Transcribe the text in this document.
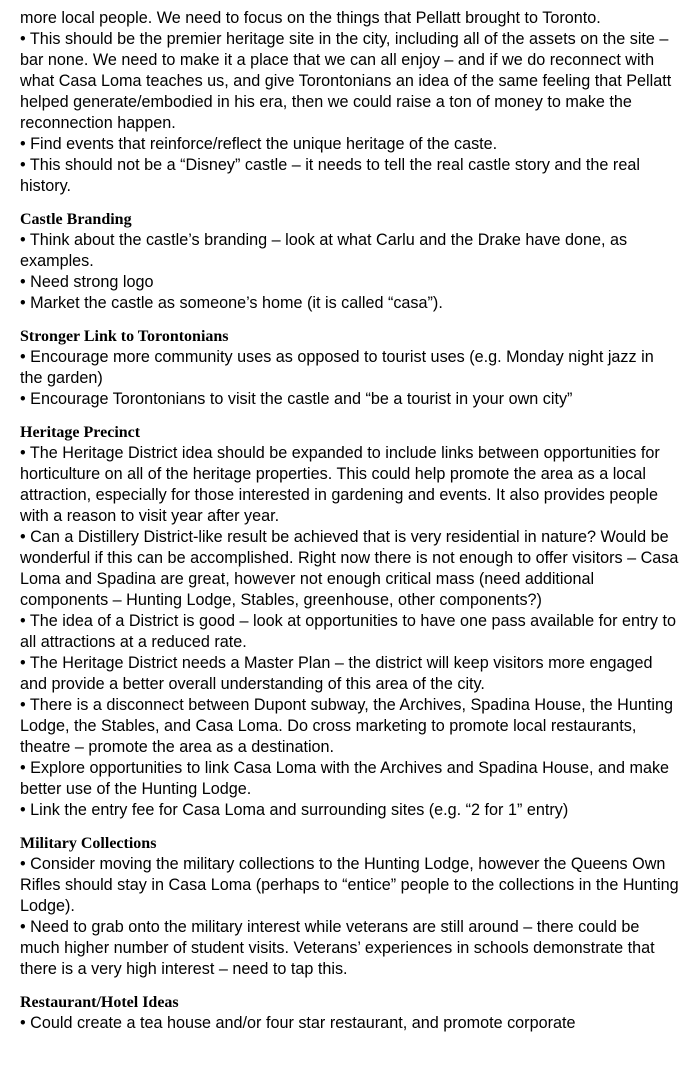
more local people. We need to focus on the things that Pellatt brought to Toronto.

• This should be the premier heritage site in the city, including all of the assets on the site – bar none. We need to make it a place that we can all enjoy – and if we do reconnect with what Casa Loma teaches us, and give Torontonians an idea of the same feeling that Pellatt helped generate/embodied in his era, then we could raise a ton of money to make the reconnection happen.

• Find events that reinforce/reflect the unique heritage of the caste.

• This should not be a “Disney” castle – it needs to tell the real castle story and the real history.

Castle Branding

• Think about the castle’s branding – look at what Carlu and the Drake have done, as examples.

• Need strong logo

• Market the castle as someone’s home (it is called “casa”).

Stronger Link to Torontonians

• Encourage more community uses as opposed to tourist uses (e.g. Monday night jazz in the garden)

• Encourage Torontonians to visit the castle and “be a tourist in your own city”

Heritage Precinct

• The Heritage District idea should be expanded to include links between opportunities for horticulture on all of the heritage properties. This could help promote the area as a local attraction, especially for those interested in gardening and events. It also provides people with a reason to visit year after year.

• Can a Distillery District-like result be achieved that is very residential in nature? Would be wonderful if this can be accomplished. Right now there is not enough to offer visitors – Casa Loma and Spadina are great, however not enough critical mass (need additional components – Hunting Lodge, Stables, greenhouse, other components?)

• The idea of a District is good – look at opportunities to have one pass available for entry to all attractions at a reduced rate.

• The Heritage District needs a Master Plan – the district will keep visitors more engaged and provide a better overall understanding of this area of the city.

• There is a disconnect between Dupont subway, the Archives, Spadina House, the Hunting Lodge, the Stables, and Casa Loma. Do cross marketing to promote local restaurants, theatre – promote the area as a destination.

• Explore opportunities to link Casa Loma with the Archives and Spadina House, and make better use of the Hunting Lodge.

• Link the entry fee for Casa Loma and surrounding sites (e.g. “2 for 1” entry)

Military Collections

• Consider moving the military collections to the Hunting Lodge, however the Queens Own Rifles should stay in Casa Loma (perhaps to “entice” people to the collections in the Hunting Lodge).

• Need to grab onto the military interest while veterans are still around – there could be much higher number of student visits. Veterans’ experiences in schools demonstrate that there is a very high interest – need to tap this.

Restaurant/Hotel Ideas

• Could create a tea house and/or four star restaurant, and promote corporate
